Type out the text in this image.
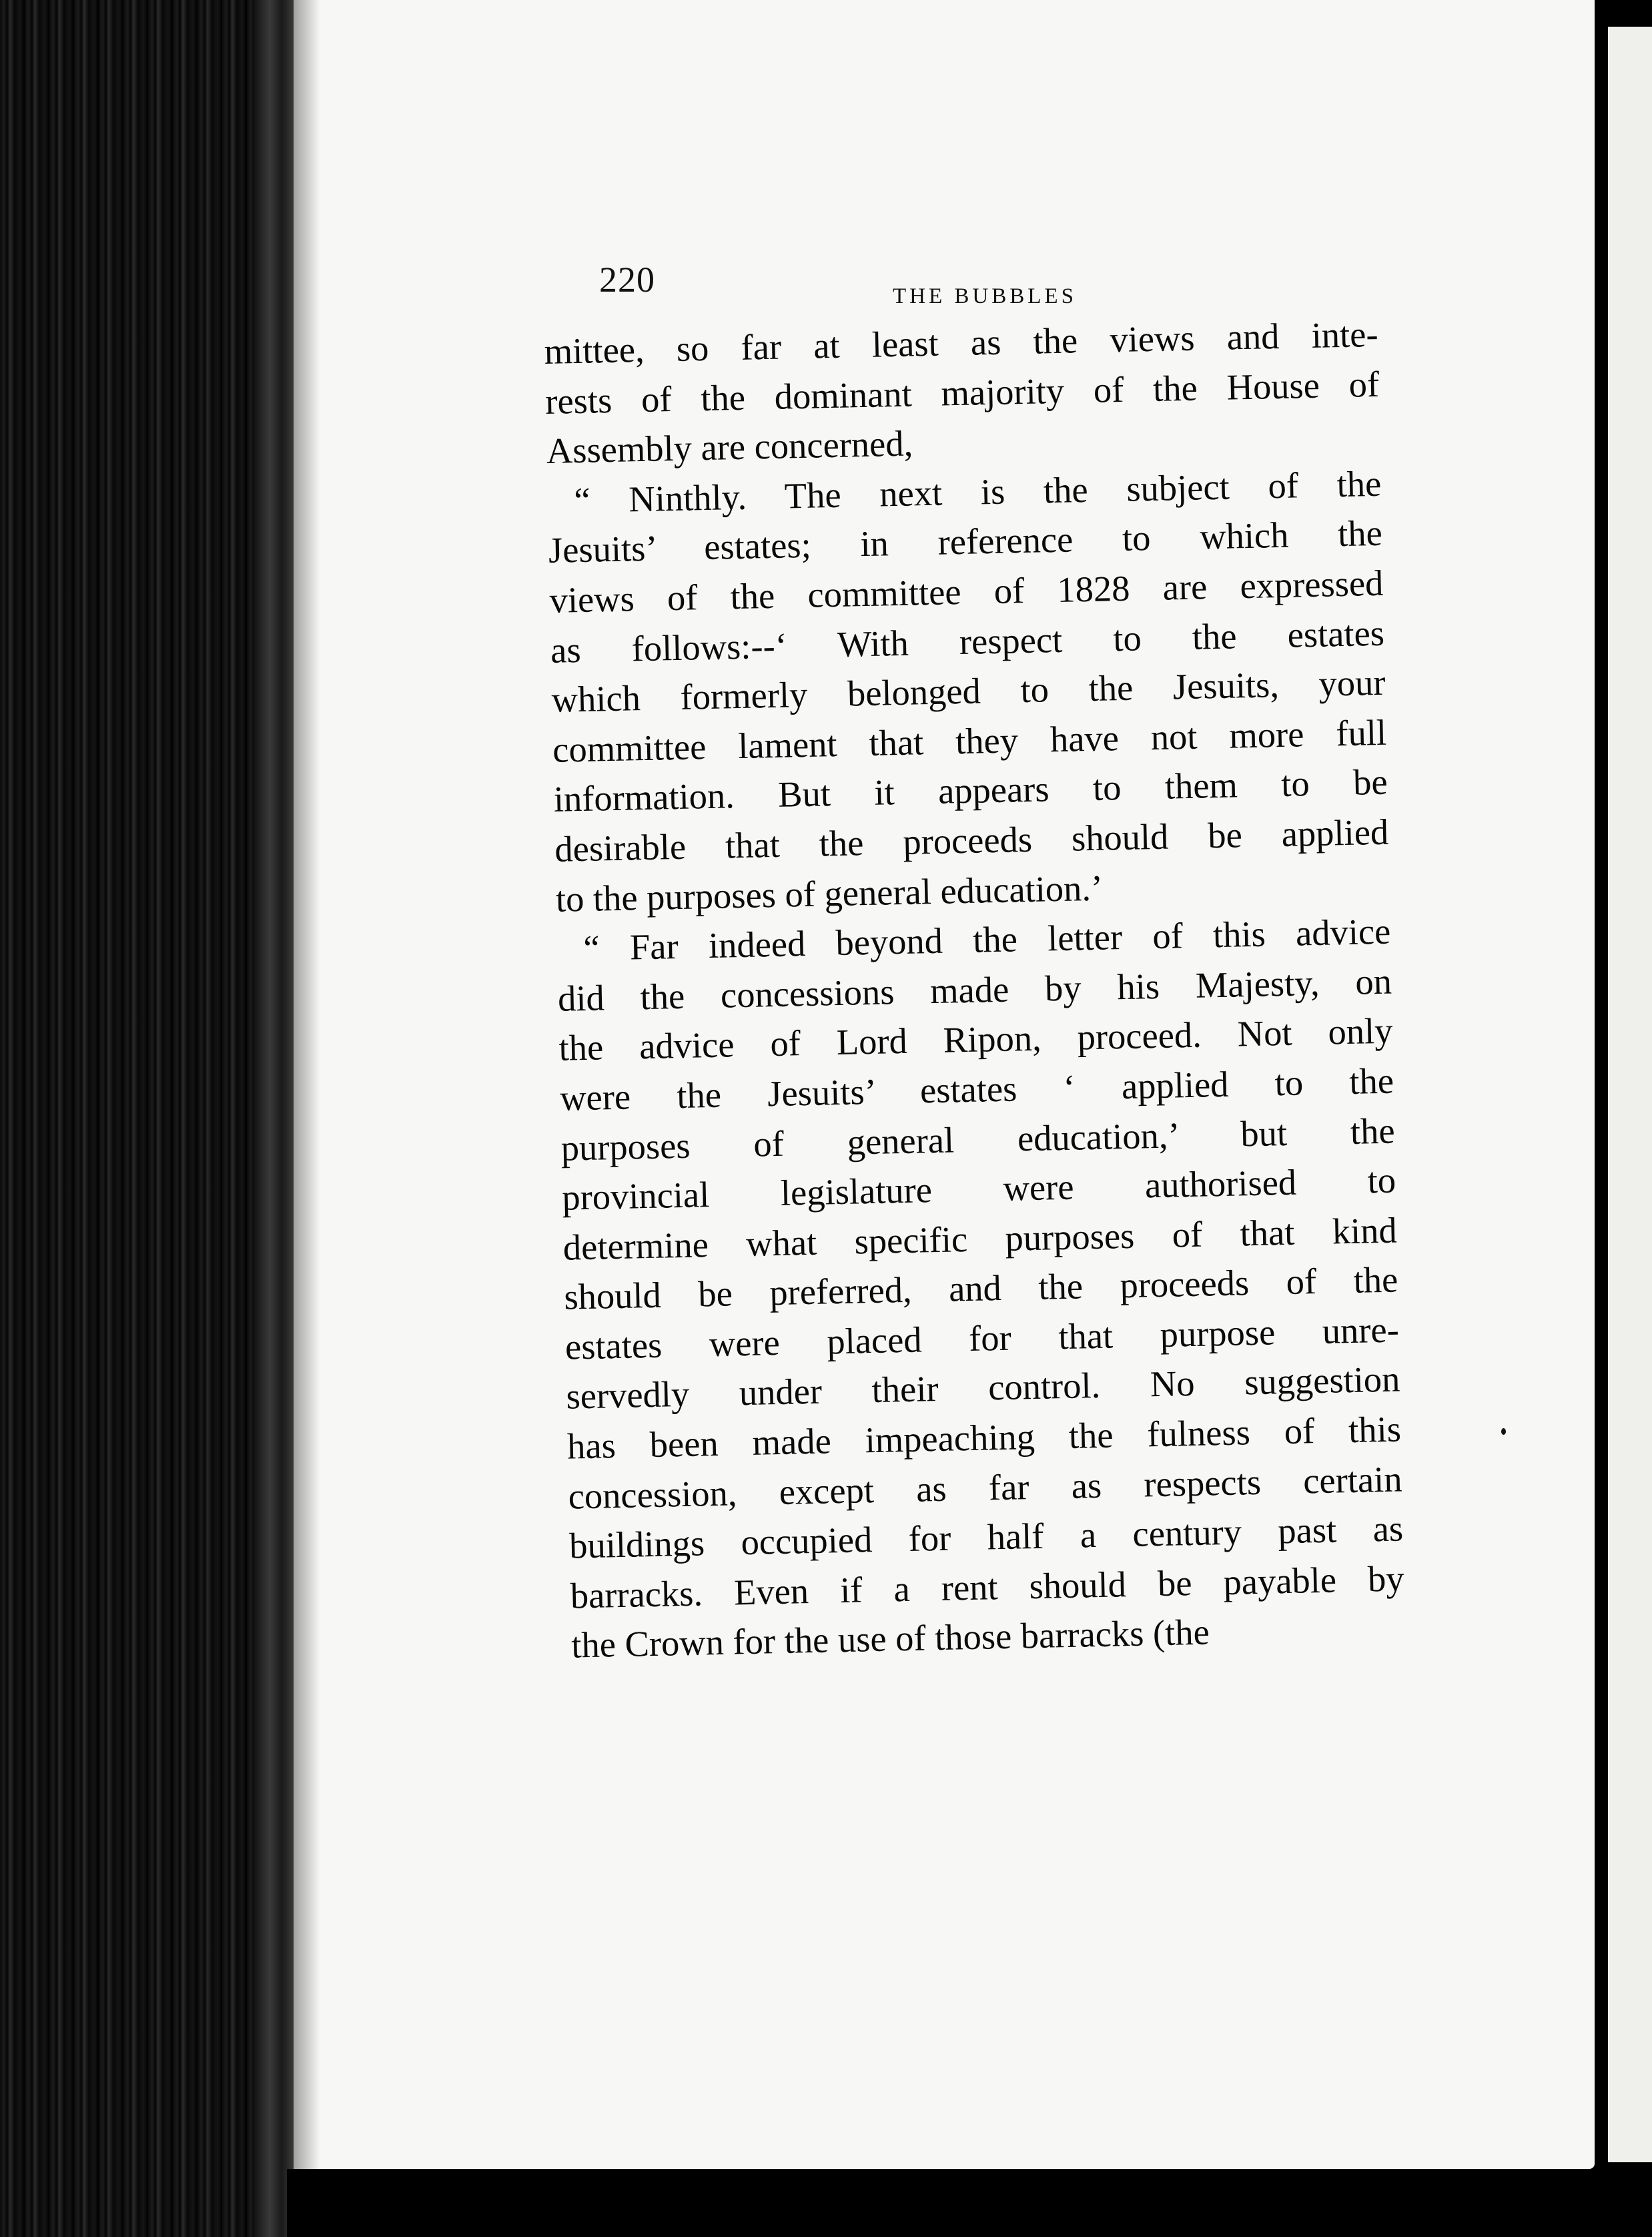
220	THE BUBBLES
mittee, so far at least as the views and inte-
rests of the dominant majority of the House of
Assembly are concerned,
“ Ninthly. The next is the subject of the
Jesuits’ estates; in reference to which the
views of the committee of 1828 are expressed
as follows:--‘ With respect to the estates
which formerly belonged to the Jesuits, your
committee lament that they have not more full
information. But it appears to them to be
desirable that the proceeds should be applied
to the purposes of general education.’
“ Far indeed beyond the letter of this advice
did the concessions made by his Majesty, on
the advice of Lord Ripon, proceed. Not only
were the Jesuits’ estates ‘ applied to the
purposes of general education,’ but the
provincial legislature were authorised to
determine what specific purposes of that kind
should be preferred, and the proceeds of the
estates were placed for that purpose unre-
servedly under their control. No suggestion
has been made impeaching the fulness of this
concession, except as far as respects certain
buildings occupied for half a century past as
barracks. Even if a rent should be payable by
the Crown for the use of those barracks (the
